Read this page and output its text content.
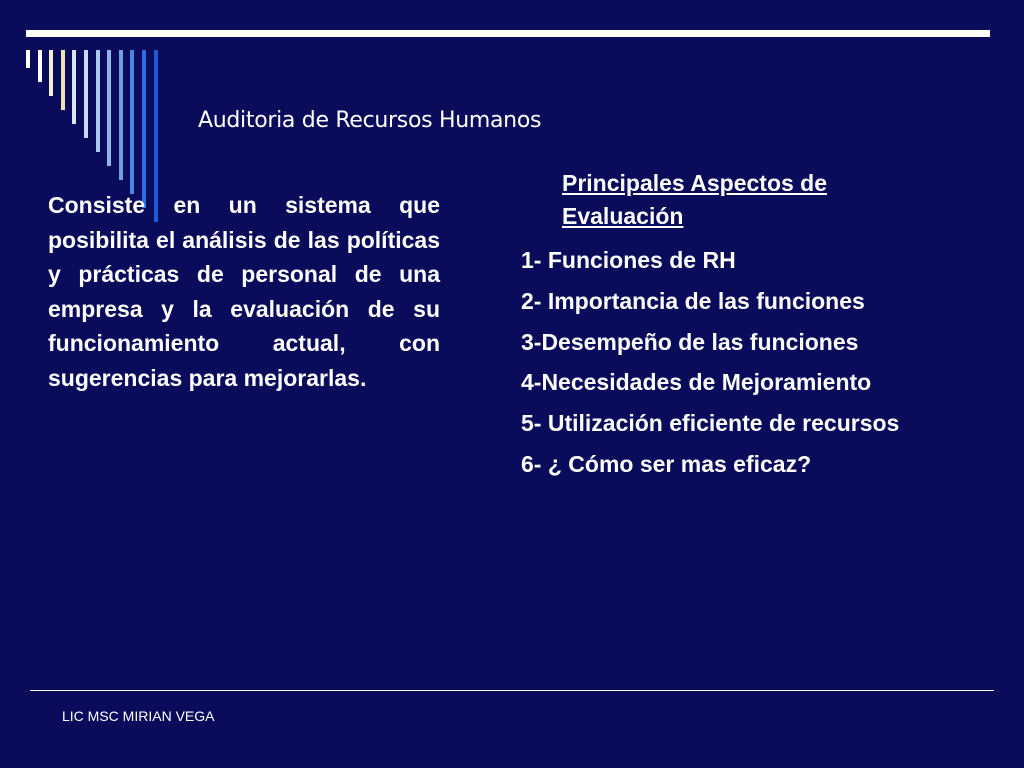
Auditoria de Recursos Humanos
Consiste en un sistema que posibilita el análisis de las políticas y prácticas de personal de una empresa y la evaluación de su funcionamiento actual, con sugerencias para mejorarlas.
Principales Aspectos de Evaluación
1- Funciones de RH
2- Importancia de las funciones
3-Desempeño de las funciones
4-Necesidades de Mejoramiento
5- Utilización eficiente de recursos
6- ¿ Cómo ser mas eficaz?
LIC MSC MIRIAN VEGA
